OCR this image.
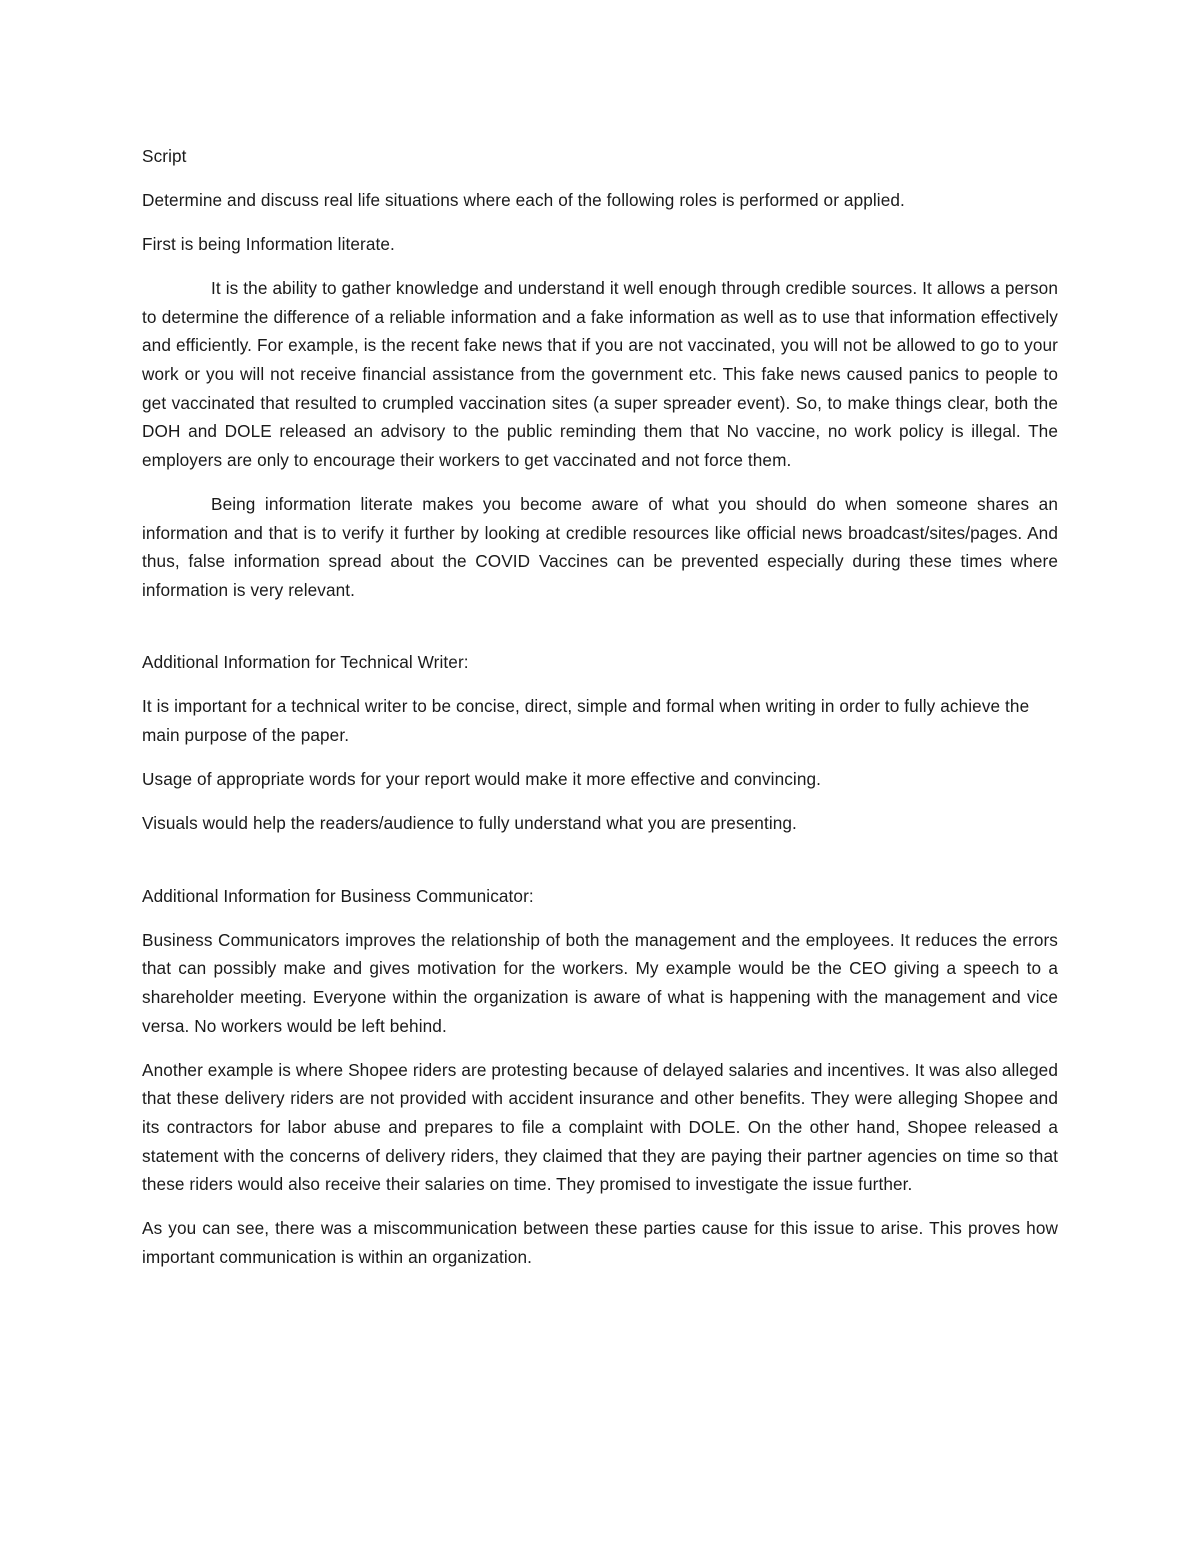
Script

Determine and discuss real life situations where each of the following roles is performed or applied.

First is being Information literate.

It is the ability to gather knowledge and understand it well enough through credible sources. It allows a person to determine the difference of a reliable information and a fake information as well as to use that information effectively and efficiently. For example, is the recent fake news that if you are not vaccinated, you will not be allowed to go to your work or you will not receive financial assistance from the government etc. This fake news caused panics to people to get vaccinated that resulted to crumpled vaccination sites (a super spreader event). So, to make things clear, both the DOH and DOLE released an advisory to the public reminding them that No vaccine, no work policy is illegal. The employers are only to encourage their workers to get vaccinated and not force them.

Being information literate makes you become aware of what you should do when someone shares an information and that is to verify it further by looking at credible resources like official news broadcast/sites/pages. And thus, false information spread about the COVID Vaccines can be prevented especially during these times where information is very relevant.

Additional Information for Technical Writer:

It is important for a technical writer to be concise, direct, simple and formal when writing in order to fully achieve the main purpose of the paper.

Usage of appropriate words for your report would make it more effective and convincing.

Visuals would help the readers/audience to fully understand what you are presenting.

Additional Information for Business Communicator:

Business Communicators improves the relationship of both the management and the employees. It reduces the errors that can possibly make and gives motivation for the workers. My example would be the CEO giving a speech to a shareholder meeting. Everyone within the organization is aware of what is happening with the management and vice versa. No workers would be left behind.

Another example is where Shopee riders are protesting because of delayed salaries and incentives. It was also alleged that these delivery riders are not provided with accident insurance and other benefits. They were alleging Shopee and its contractors for labor abuse and prepares to file a complaint with DOLE. On the other hand, Shopee released a statement with the concerns of delivery riders, they claimed that they are paying their partner agencies on time so that these riders would also receive their salaries on time. They promised to investigate the issue further.

As you can see, there was a miscommunication between these parties cause for this issue to arise. This proves how important communication is within an organization.
